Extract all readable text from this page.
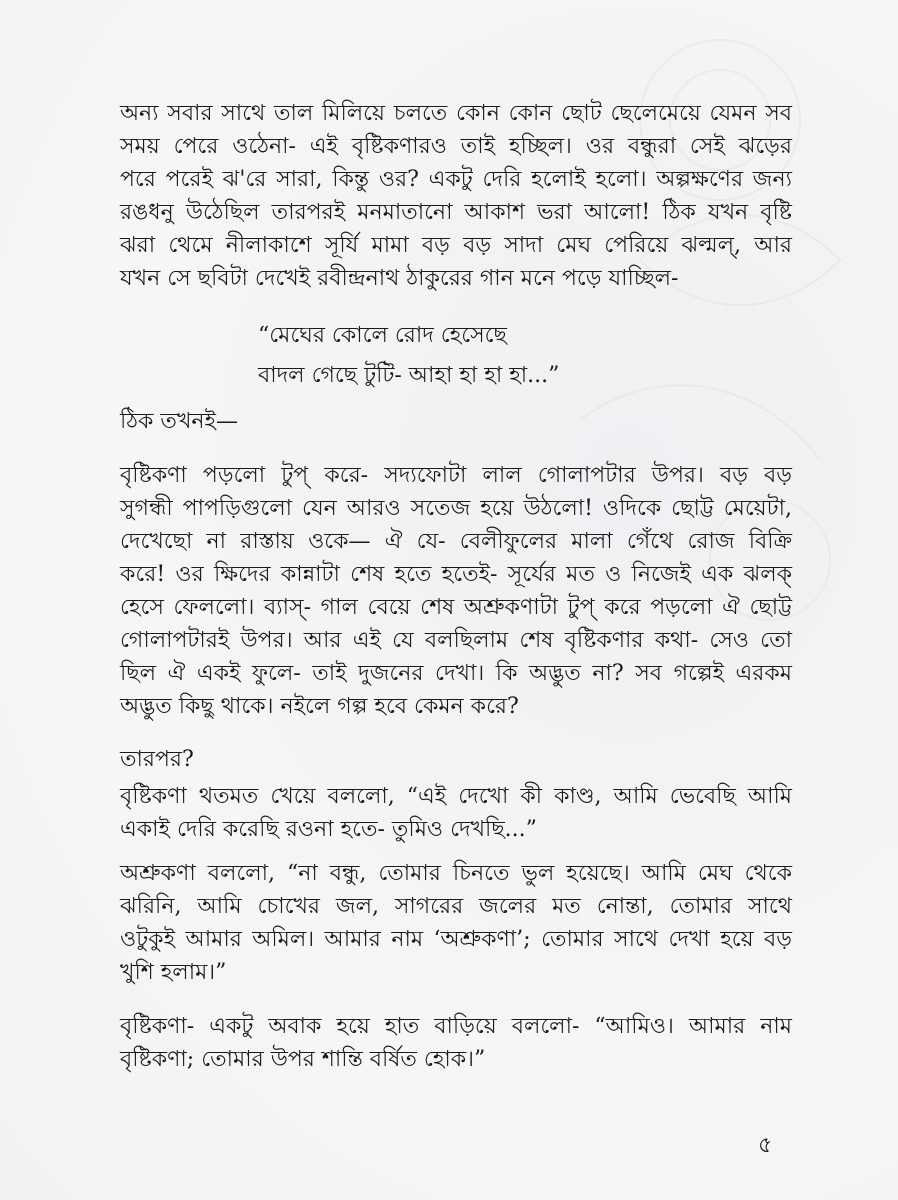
অন্য সবার সাথে তাল মিলিয়ে চলতে কোন কোন ছোট ছেলেমেয়ে যেমন সব
সময় পেরে ওঠেনা- এই বৃষ্টিকণারও তাই হচ্ছিল। ওর বন্ধুরা সেই ঝড়ের
পরে পরেই ঝ'রে সারা, কিন্তু ওর? একটু দেরি হলোই হলো। অল্পক্ষণের জন্য
রঙধনু উঠেছিল তারপরই মনমাতানো আকাশ ভরা আলো! ঠিক যখন বৃষ্টি
ঝরা থেমে নীলাকাশে সূর্যি মামা বড় বড় সাদা মেঘ পেরিয়ে ঝল্মল্, আর
যখন সে ছবিটা দেখেই রবীন্দ্রনাথ ঠাকুরের গান মনে পড়ে যাচ্ছিল-
“মেঘের কোলে রোদ হেসেছে
বাদল গেছে টুটি- আহা হা হা হা...”

ঠিক তখনই—

বৃষ্টিকণা পড়লো টুপ্ করে- সদ্যফোটা লাল গোলাপটার উপর। বড় বড়
সুগন্ধী পাপড়িগুলো যেন আরও সতেজ হয়ে উঠলো! ওদিকে ছোট্ট মেয়েটা,
দেখেছো না রাস্তায় ওকে— ঐ যে- বেলীফুলের মালা গেঁথে রোজ বিক্রি
করে! ওর ক্ষিদের কান্নাটা শেষ হতে হতেই- সূর্যের মত ও নিজেই এক ঝলক্
হেসে ফেললো। ব্যাস্- গাল বেয়ে শেষ অশ্রুকণাটা টুপ্ করে পড়লো ঐ ছোট্ট
গোলাপটারই উপর। আর এই যে বলছিলাম শেষ বৃষ্টিকণার কথা- সেও তো
ছিল ঐ একই ফুলে- তাই দুজনের দেখা। কি অদ্ভুত না? সব গল্পেই এরকম
অদ্ভুত কিছু থাকে। নইলে গল্প হবে কেমন করে?

তারপর?

বৃষ্টিকণা থতমত খেয়ে বললো, “এই দেখো কী কাণ্ড, আমি ভেবেছি আমি
একাই দেরি করেছি রওনা হতে- তুমিও দেখছি...”
অশ্রুকণা বললো, “না বন্ধু, তোমার চিনতে ভুল হয়েছে। আমি মেঘ থেকে
ঝরিনি, আমি চোখের জল, সাগরের জলের মত নোন্তা, তোমার সাথে
ওটুকুই আমার অমিল। আমার নাম ‘অশ্রুকণা’; তোমার সাথে দেখা হয়ে বড়
খুশি হলাম।”
বৃষ্টিকণা- একটু অবাক হয়ে হাত বাড়িয়ে বললো- “আমিও। আমার নাম
বৃষ্টিকণা; তোমার উপর শান্তি বর্ষিত হোক।”
৫
